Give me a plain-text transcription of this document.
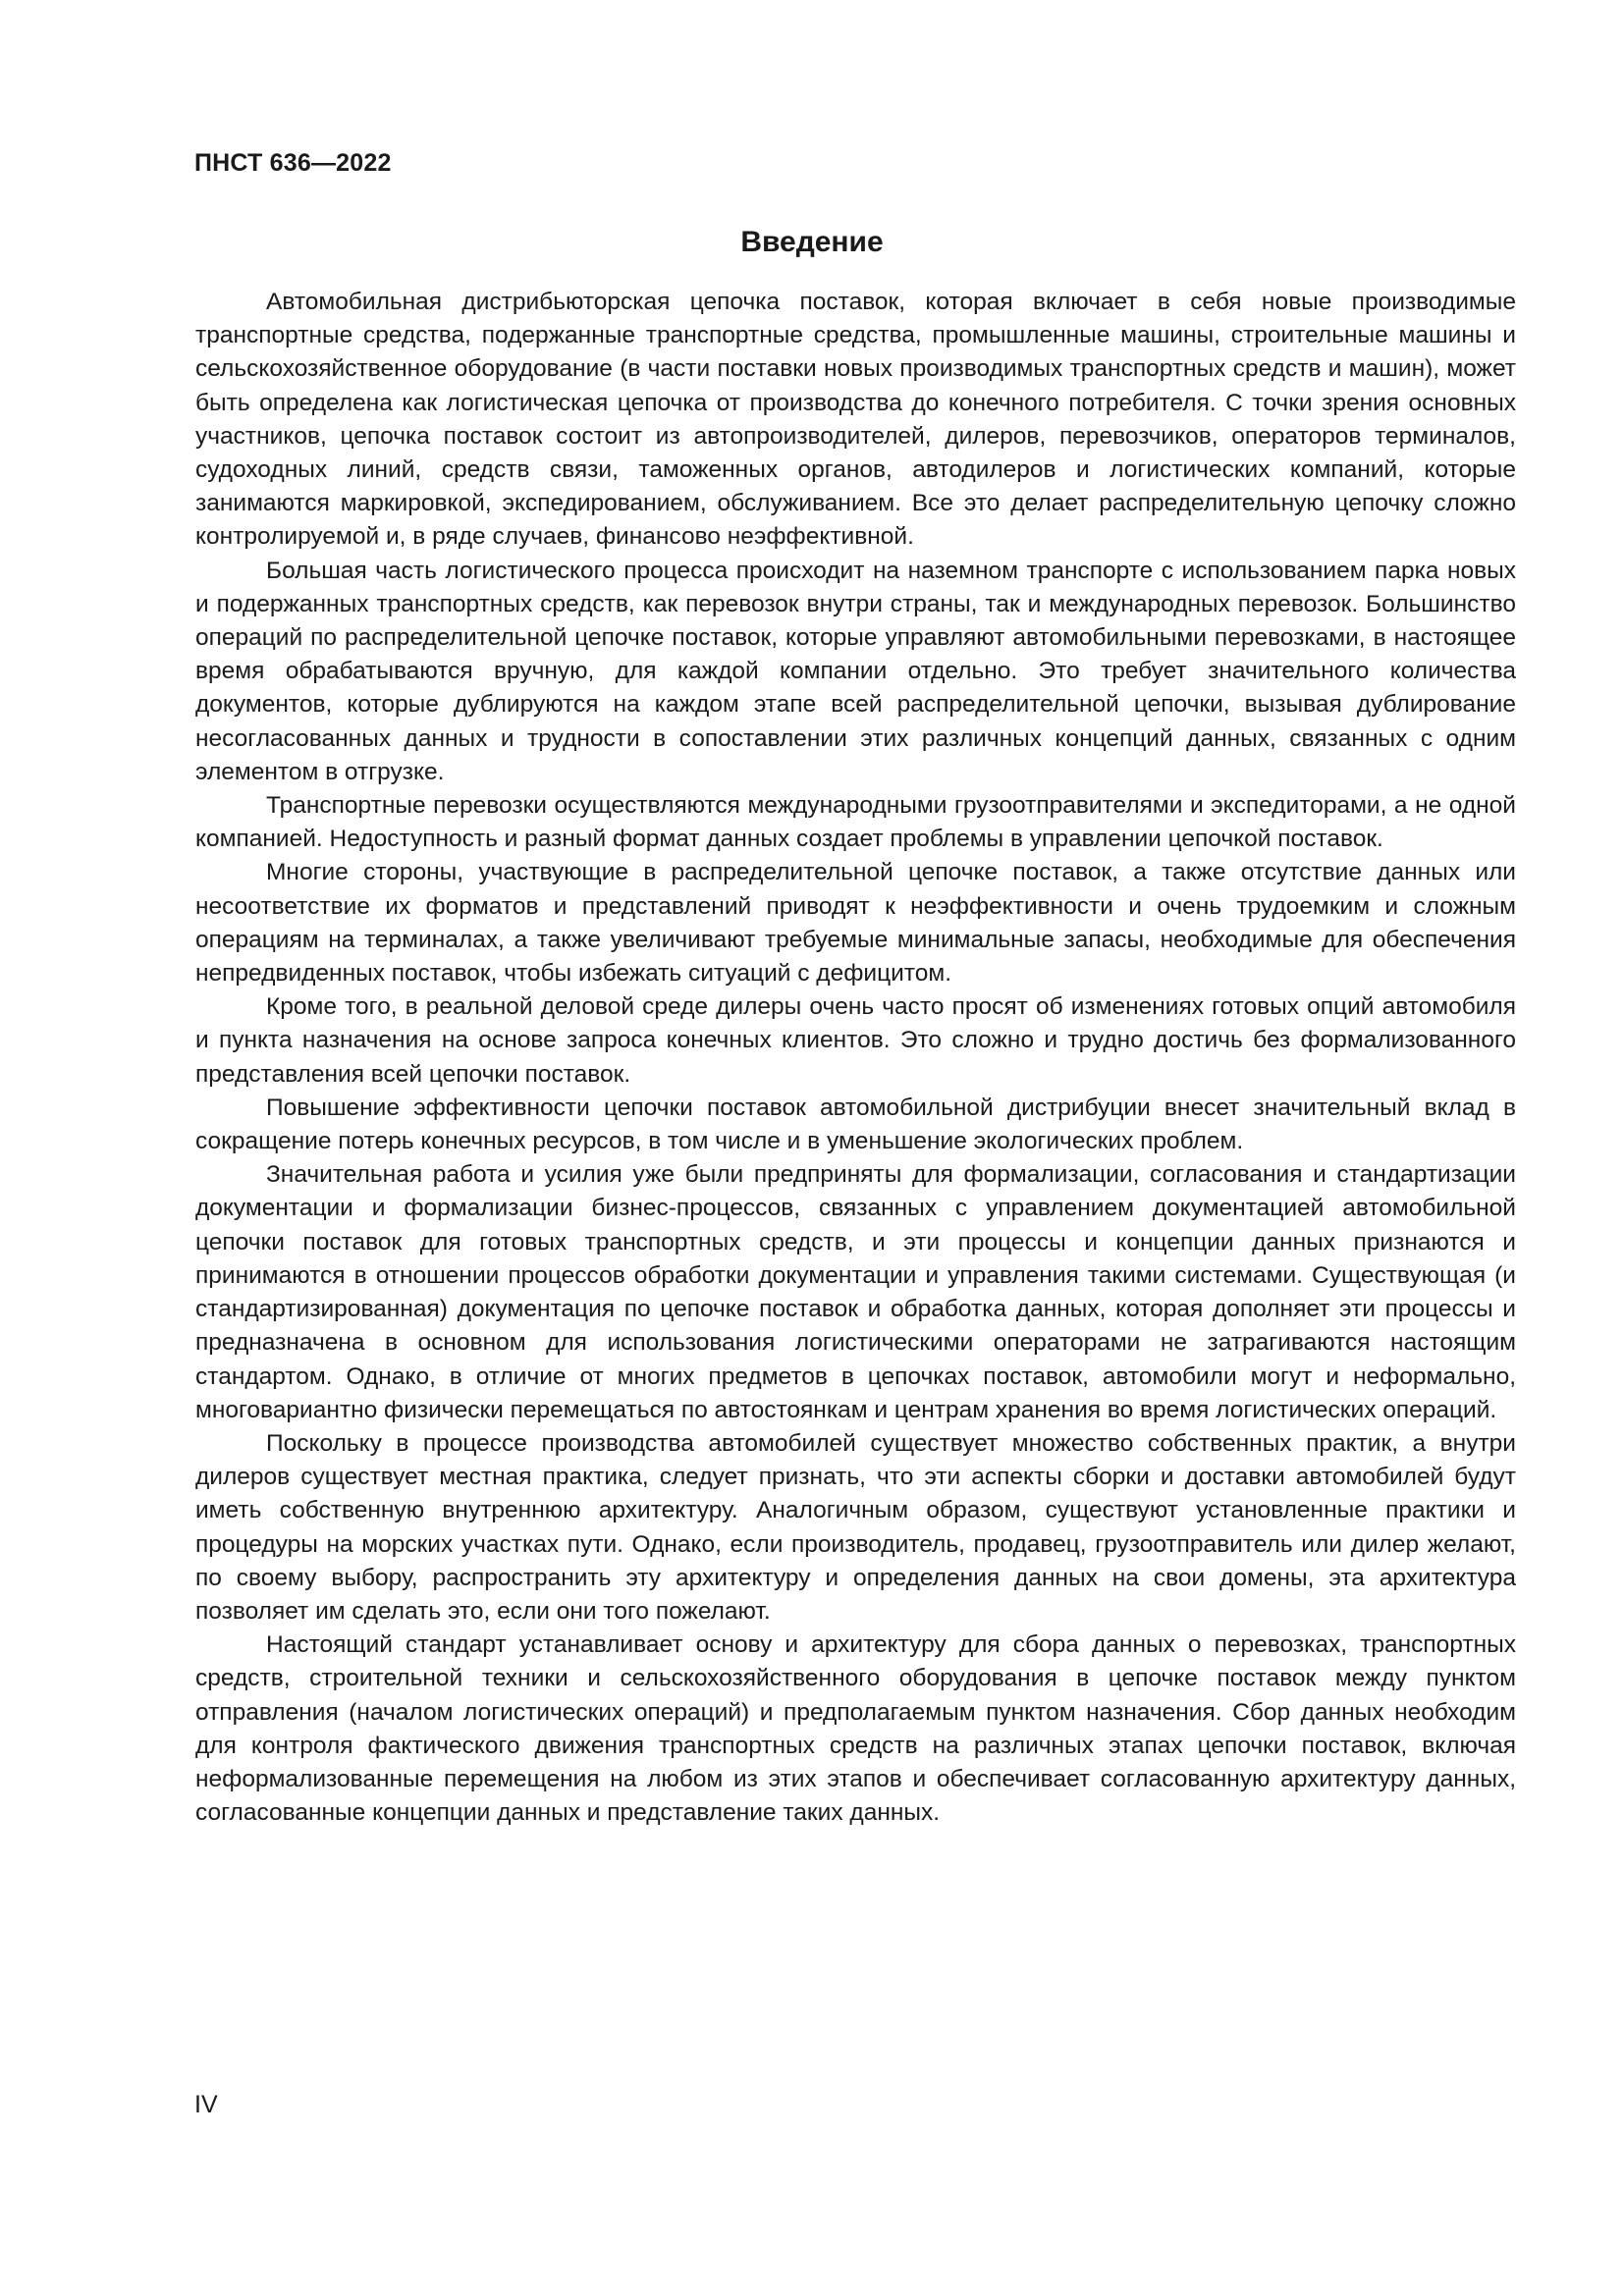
ПНСТ 636—2022
Введение

Автомобильная дистрибьюторская цепочка поставок, которая включает в себя новые производимые транспортные средства, подержанные транспортные средства, промышленные машины, строительные машины и сельскохозяйственное оборудование (в части поставки новых производимых транспортных средств и машин), может быть определена как логистическая цепочка от производства до конечного потребителя. С точки зрения основных участников, цепочка поставок состоит из автопроизводителей, дилеров, перевозчиков, операторов терминалов, судоходных линий, средств связи, таможенных органов, автодилеров и логистических компаний, которые занимаются маркировкой, экспедированием, обслуживанием. Все это делает распределительную цепочку сложно контролируемой и, в ряде случаев, финансово неэффективной.

Большая часть логистического процесса происходит на наземном транспорте с использованием парка новых и подержанных транспортных средств, как перевозок внутри страны, так и международных перевозок. Большинство операций по распределительной цепочке поставок, которые управляют автомобильными перевозками, в настоящее время обрабатываются вручную, для каждой компании отдельно. Это требует значительного количества документов, которые дублируются на каждом этапе всей распределительной цепочки, вызывая дублирование несогласованных данных и трудности в сопоставлении этих различных концепций данных, связанных с одним элементом в отгрузке.

Транспортные перевозки осуществляются международными грузоотправителями и экспедиторами, а не одной компанией. Недоступность и разный формат данных создает проблемы в управлении цепочкой поставок.

Многие стороны, участвующие в распределительной цепочке поставок, а также отсутствие данных или несоответствие их форматов и представлений приводят к неэффективности и очень трудоемким и сложным операциям на терминалах, а также увеличивают требуемые минимальные запасы, необходимые для обеспечения непредвиденных поставок, чтобы избежать ситуаций с дефицитом.

Кроме того, в реальной деловой среде дилеры очень часто просят об изменениях готовых опций автомобиля и пункта назначения на основе запроса конечных клиентов. Это сложно и трудно достичь без формализованного представления всей цепочки поставок.

Повышение эффективности цепочки поставок автомобильной дистрибуции внесет значительный вклад в сокращение потерь конечных ресурсов, в том числе и в уменьшение экологических проблем.

Значительная работа и усилия уже были предприняты для формализации, согласования и стандартизации документации и формализации бизнес-процессов, связанных с управлением документацией автомобильной цепочки поставок для готовых транспортных средств, и эти процессы и концепции данных признаются и принимаются в отношении процессов обработки документации и управления такими системами. Существующая (и стандартизированная) документация по цепочке поставок и обработка данных, которая дополняет эти процессы и предназначена в основном для использования логистическими операторами не затрагиваются настоящим стандартом. Однако, в отличие от многих предметов в цепочках поставок, автомобили могут и неформально, многовариантно физически перемещаться по автостоянкам и центрам хранения во время логистических операций.

Поскольку в процессе производства автомобилей существует множество собственных практик, а внутри дилеров существует местная практика, следует признать, что эти аспекты сборки и доставки автомобилей будут иметь собственную внутреннюю архитектуру. Аналогичным образом, существуют установленные практики и процедуры на морских участках пути. Однако, если производитель, продавец, грузоотправитель или дилер желают, по своему выбору, распространить эту архитектуру и определения данных на свои домены, эта архитектура позволяет им сделать это, если они того пожелают.

Настоящий стандарт устанавливает основу и архитектуру для сбора данных о перевозках, транспортных средств, строительной техники и сельскохозяйственного оборудования в цепочке поставок между пунктом отправления (началом логистических операций) и предполагаемым пунктом назначения. Сбор данных необходим для контроля фактического движения транспортных средств на различных этапах цепочки поставок, включая неформализованные перемещения на любом из этих этапов и обеспечивает согласованную архитектуру данных, согласованные концепции данных и представление таких данных.

IV
